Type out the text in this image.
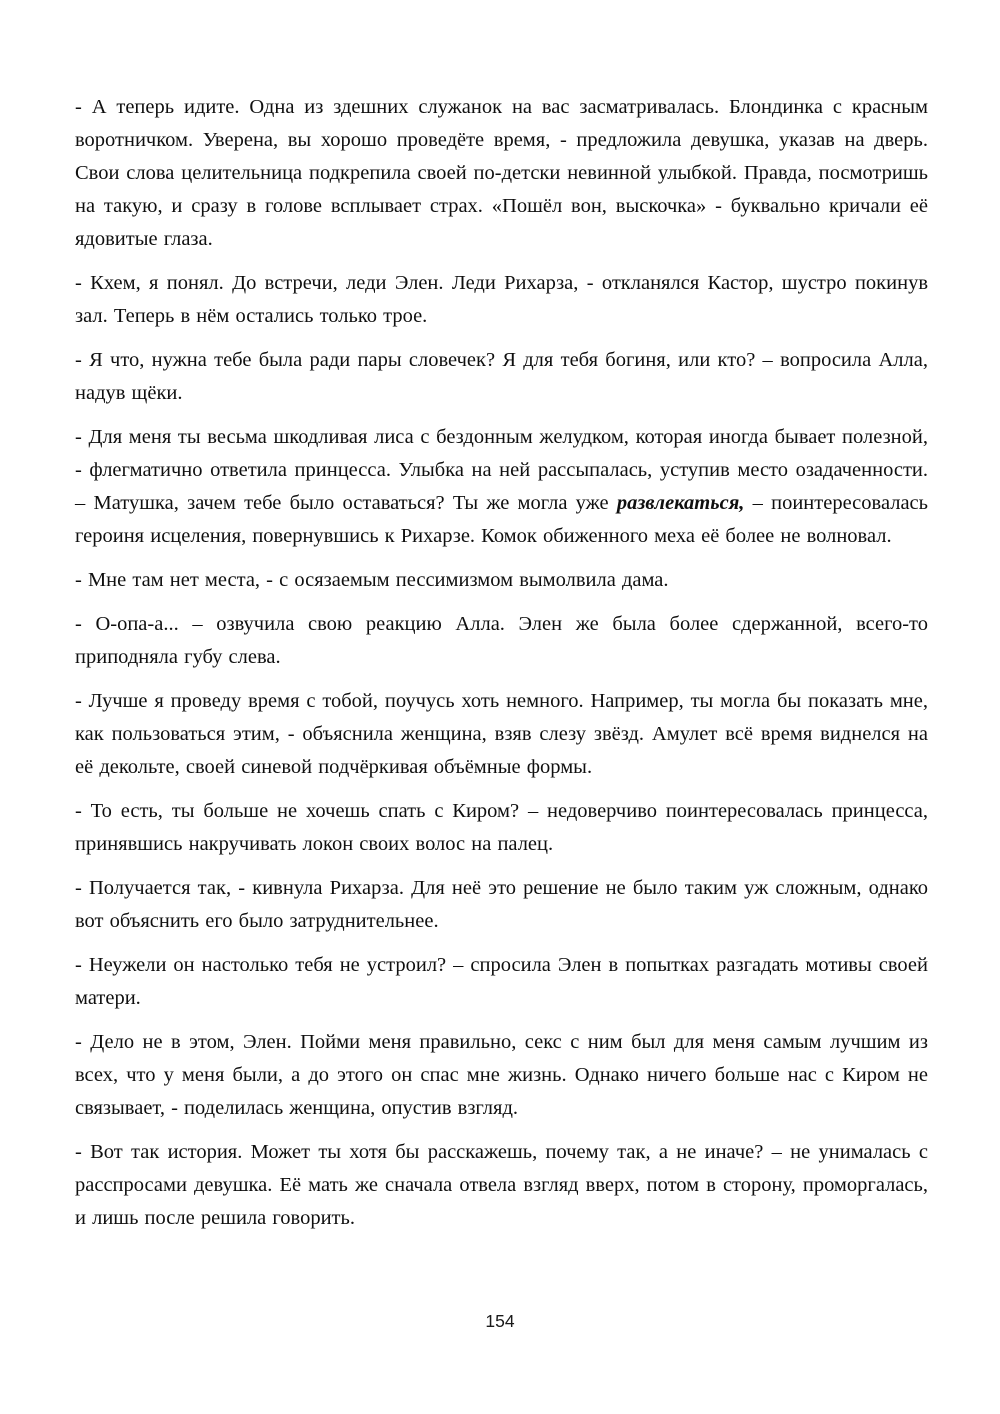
- А теперь идите. Одна из здешних служанок на вас засматривалась. Блондинка с красным воротничком. Уверена, вы хорошо проведёте время, - предложила девушка, указав на дверь. Свои слова целительница подкрепила своей по-детски невинной улыбкой. Правда, посмотришь на такую, и сразу в голове всплывает страх. «Пошёл вон, выскочка» - буквально кричали её ядовитые глаза.

- Кхем, я понял. До встречи, леди Элен. Леди Рихарза, - откланялся Кастор, шустро покинув зал. Теперь в нём остались только трое.

- Я что, нужна тебе была ради пары словечек? Я для тебя богиня, или кто? – вопросила Алла, надув щёки.

- Для меня ты весьма шкодливая лиса с бездонным желудком, которая иногда бывает полезной, - флегматично ответила принцесса. Улыбка на ней рассыпалась, уступив место озадаченности. – Матушка, зачем тебе было оставаться? Ты же могла уже развлекаться, – поинтересовалась героиня исцеления, повернувшись к Рихарзе. Комок обиженного меха её более не волновал.

- Мне там нет места, - с осязаемым пессимизмом вымолвила дама.

- О-опа-а... – озвучила свою реакцию Алла. Элен же была более сдержанной, всего-то приподняла губу слева.

- Лучше я проведу время с тобой, поучусь хоть немного. Например, ты могла бы показать мне, как пользоваться этим, - объяснила женщина, взяв слезу звёзд. Амулет всё время виднелся на её декольте, своей синевой подчёркивая объёмные формы.

- То есть, ты больше не хочешь спать с Киром? – недоверчиво поинтересовалась принцесса, принявшись накручивать локон своих волос на палец.

- Получается так, - кивнула Рихарза. Для неё это решение не было таким уж сложным, однако вот объяснить его было затруднительнее.

- Неужели он настолько тебя не устроил? – спросила Элен в попытках разгадать мотивы своей матери.

- Дело не в этом, Элен. Пойми меня правильно, секс с ним был для меня самым лучшим из всех, что у меня были, а до этого он спас мне жизнь. Однако ничего больше нас с Киром не связывает, - поделилась женщина, опустив взгляд.

- Вот так история. Может ты хотя бы расскажешь, почему так, а не иначе? – не унималась с расспросами девушка. Её мать же сначала отвела взгляд вверх, потом в сторону, проморгалась, и лишь после решила говорить.

154
